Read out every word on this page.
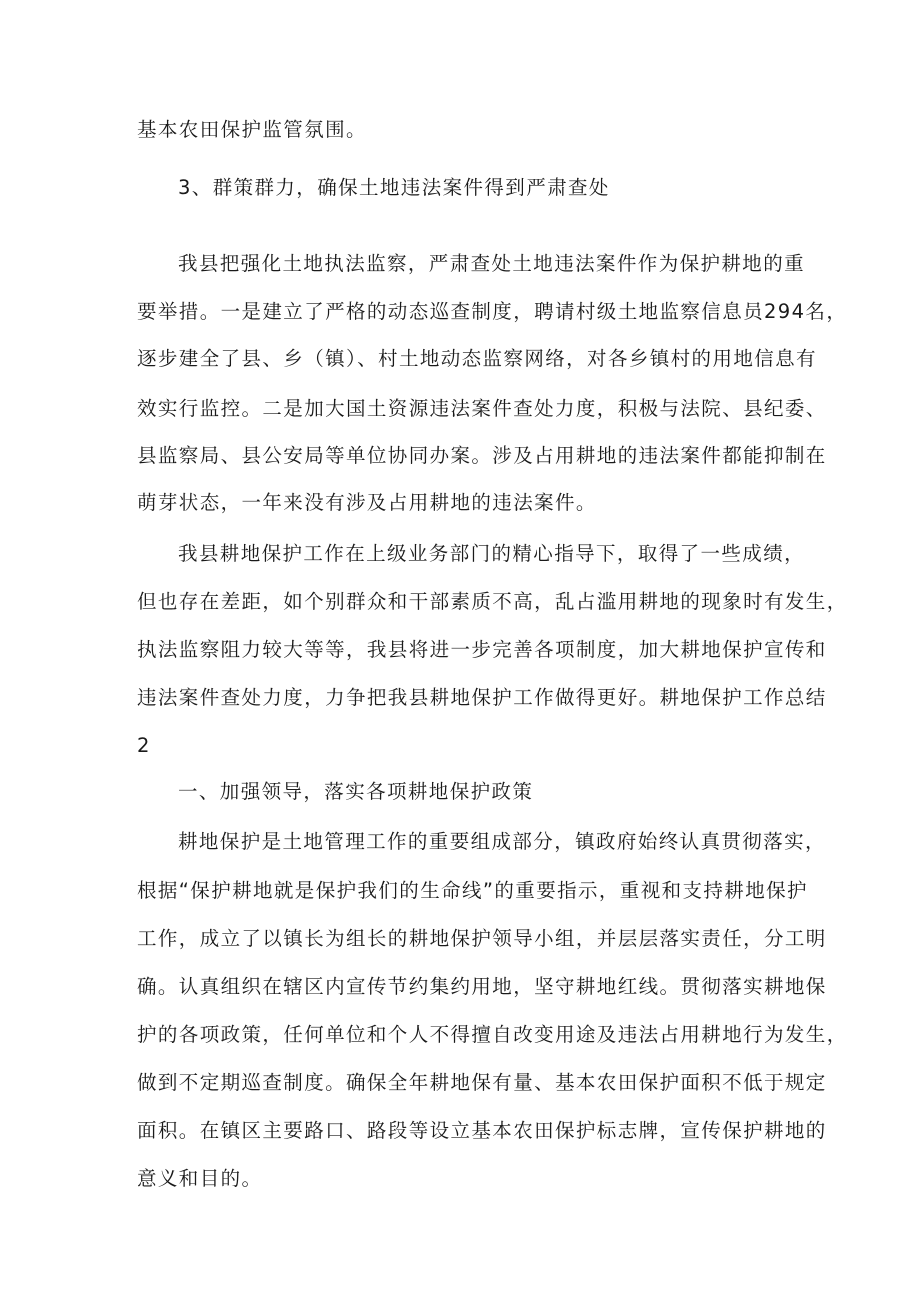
基本农田保护监管氛围。
3、群策群力，确保土地违法案件得到严肃查处
我县把强化土地执法监察，严肃查处土地违法案件作为保护耕地的重
要举措。一是建立了严格的动态巡查制度，聘请村级土地监察信息员294名，
逐步建全了县、乡（镇）、村土地动态监察网络，对各乡镇村的用地信息有
效实行监控。二是加大国土资源违法案件查处力度，积极与法院、县纪委、
县监察局、县公安局等单位协同办案。涉及占用耕地的违法案件都能抑制在
萌芽状态，一年来没有涉及占用耕地的违法案件。
我县耕地保护工作在上级业务部门的精心指导下，取得了一些成绩，
但也存在差距，如个别群众和干部素质不高，乱占滥用耕地的现象时有发生，
执法监察阻力较大等等，我县将进一步完善各项制度，加大耕地保护宣传和
违法案件查处力度，力争把我县耕地保护工作做得更好。耕地保护工作总结
2
一、加强领导，落实各项耕地保护政策
耕地保护是土地管理工作的重要组成部分，镇政府始终认真贯彻落实，
根据“保护耕地就是保护我们的生命线”的重要指示，重视和支持耕地保护
工作，成立了以镇长为组长的耕地保护领导小组，并层层落实责任，分工明
确。认真组织在辖区内宣传节约集约用地，坚守耕地红线。贯彻落实耕地保
护的各项政策，任何单位和个人不得擅自改变用途及违法占用耕地行为发生，
做到不定期巡查制度。确保全年耕地保有量、基本农田保护面积不低于规定
面积。在镇区主要路口、路段等设立基本农田保护标志牌，宣传保护耕地的
意义和目的。
